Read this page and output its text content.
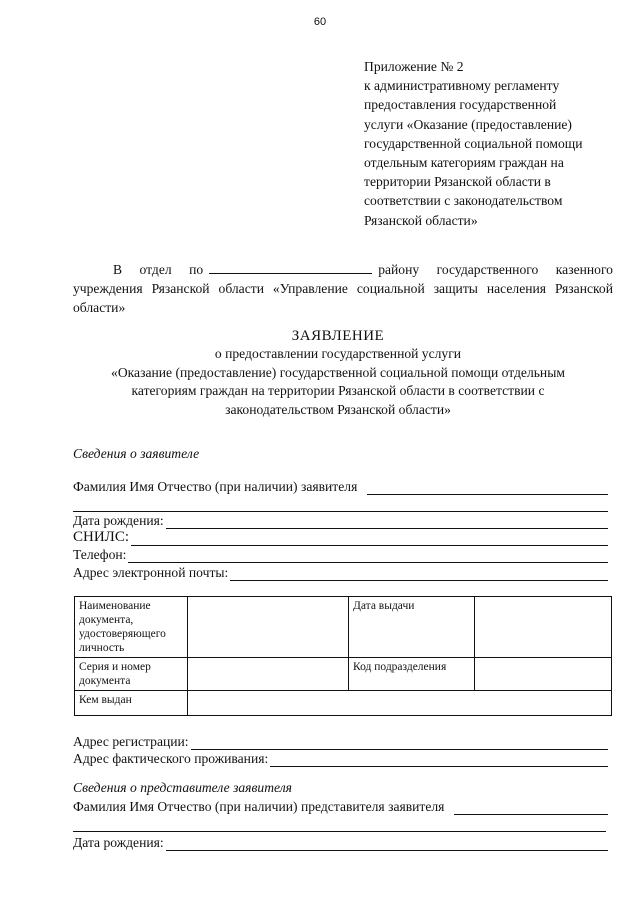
60
Приложение № 2
к административному регламенту
предоставления государственной
услуги «Оказание (предоставление)
государственной социальной помощи
отдельным категориям граждан на
территории Рязанской области в
соответствии с законодательством
Рязанской области»
В отдел по	району государственного казенного учреждения Рязанской области «Управление социальной защиты населения Рязанской области»
ЗАЯВЛЕНИЕ
о предоставлении государственной услуги
«Оказание (предоставление) государственной социальной помощи отдельным
категориям граждан на территории Рязанской области в соответствии с
законодательством Рязанской области»
Сведения о заявителе
Фамилия Имя Отчество (при наличии) заявителя
Дата рождения:
СНИЛС:
Телефон:
Адрес электронной почты:
Наименование документа, удостоверяющего личность		Дата выдачи	
Серия и номер документа		Код подразделения	
Кем выдан			
Адрес регистрации:
Адрес фактического проживания:
Сведения о представителе заявителя
Фамилия Имя Отчество (при наличии) представителя заявителя
Дата рождения:
